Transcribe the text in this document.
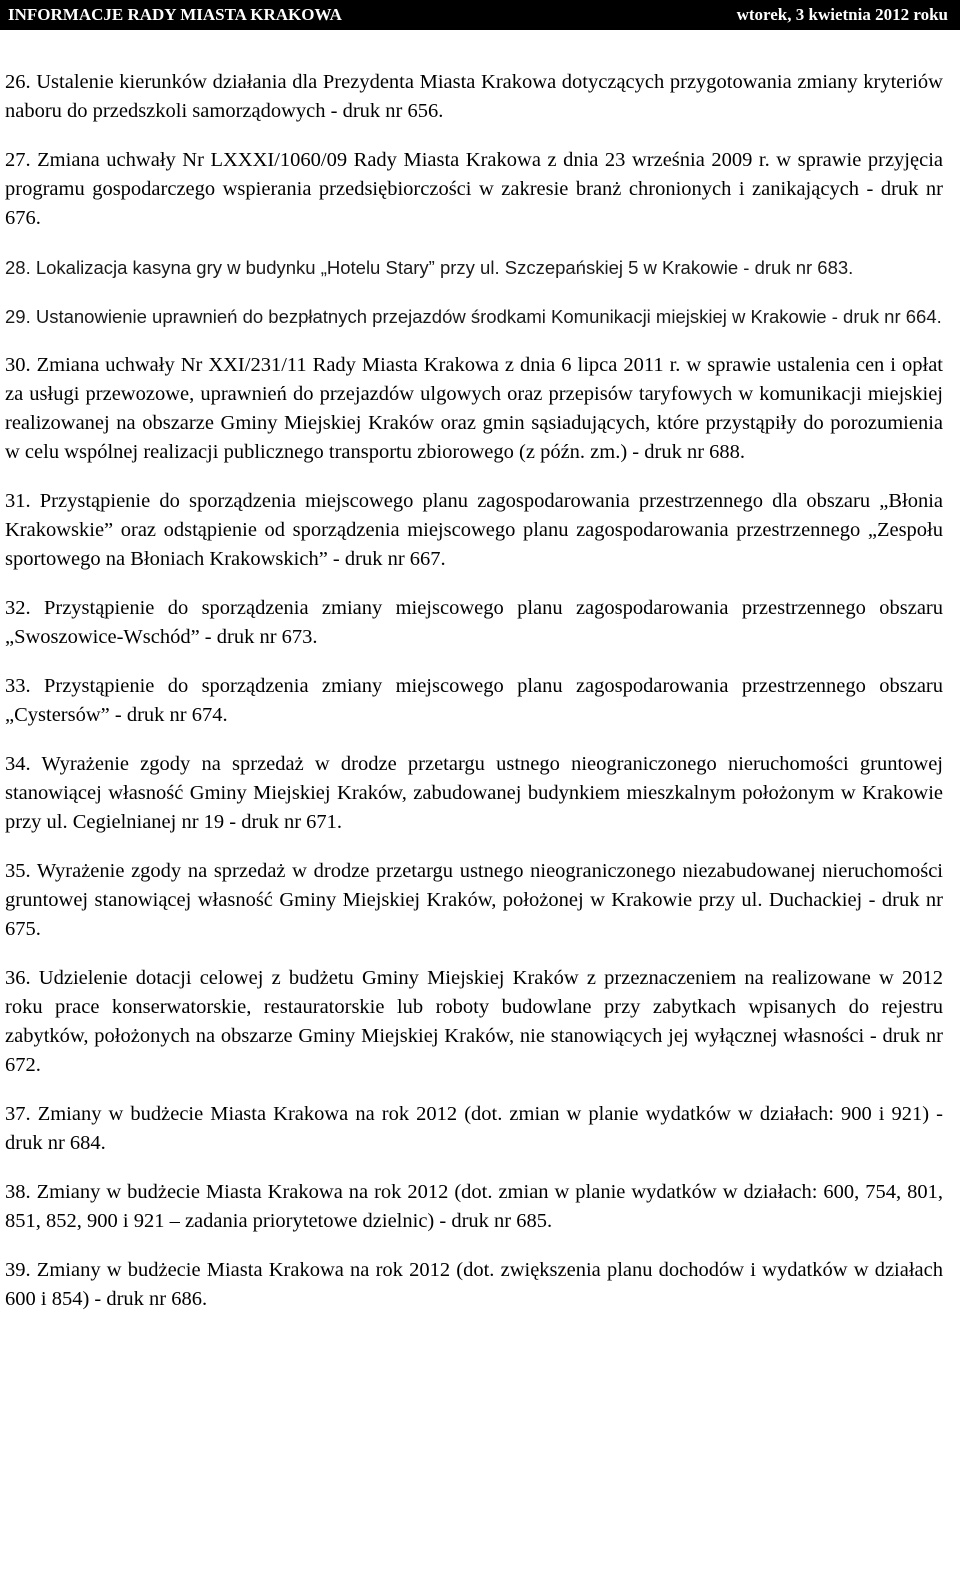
INFORMACJE RADY MIASTA KRAKOWA	wtorek, 3 kwietnia 2012 roku

26. Ustalenie kierunków działania dla Prezydenta Miasta Krakowa dotyczących przygotowania zmiany kryteriów naboru do przedszkoli samorządowych - druk nr 656.

27. Zmiana uchwały Nr LXXXI/1060/09 Rady Miasta Krakowa z dnia 23 września 2009 r. w sprawie przyjęcia programu gospodarczego wspierania przedsiębiorczości w zakresie branż chronionych i zanikających - druk nr 676.

28. Lokalizacja kasyna gry w budynku „Hotelu Stary” przy ul. Szczepańskiej 5 w Krakowie - druk nr 683.

29. Ustanowienie uprawnień do bezpłatnych przejazdów środkami Komunikacji miejskiej w Krakowie - druk nr 664.

30. Zmiana uchwały Nr XXI/231/11 Rady Miasta Krakowa z dnia 6 lipca 2011 r. w sprawie ustalenia cen i opłat za usługi przewozowe, uprawnień do przejazdów ulgowych oraz przepisów taryfowych w komunikacji miejskiej realizowanej na obszarze Gminy Miejskiej Kraków oraz gmin sąsiadujących, które przystąpiły do porozumienia w celu wspólnej realizacji publicznego transportu zbiorowego (z późn. zm.) - druk nr 688.

31. Przystąpienie do sporządzenia miejscowego planu zagospodarowania przestrzennego dla obszaru „Błonia Krakowskie” oraz odstąpienie od sporządzenia miejscowego planu zagospodarowania przestrzennego „Zespołu sportowego na Błoniach Krakowskich” - druk nr 667.

32. Przystąpienie do sporządzenia zmiany miejscowego planu zagospodarowania przestrzennego obszaru „Swoszowice-Wschód” - druk nr 673.

33. Przystąpienie do sporządzenia zmiany miejscowego planu zagospodarowania przestrzennego obszaru „Cystersów” - druk nr 674.

34. Wyrażenie zgody na sprzedaż w drodze przetargu ustnego nieograniczonego nieruchomości gruntowej stanowiącej własność Gminy Miejskiej Kraków, zabudowanej budynkiem mieszkalnym położonym w Krakowie przy ul. Cegielnianej nr 19 - druk nr 671.

35. Wyrażenie zgody na sprzedaż w drodze przetargu ustnego nieograniczonego niezabudowanej nieruchomości gruntowej stanowiącej własność Gminy Miejskiej Kraków, położonej w Krakowie przy ul. Duchackiej - druk nr 675.

36. Udzielenie dotacji celowej z budżetu Gminy Miejskiej Kraków z przeznaczeniem na realizowane w 2012 roku prace konserwatorskie, restauratorskie lub roboty budowlane przy zabytkach wpisanych do rejestru zabytków, położonych na obszarze Gminy Miejskiej Kraków, nie stanowiących jej wyłącznej własności - druk nr 672.

37. Zmiany w budżecie Miasta Krakowa na rok 2012 (dot. zmian w planie wydatków w działach: 900 i 921) - druk nr 684.

38. Zmiany w budżecie Miasta Krakowa na rok 2012 (dot. zmian w planie wydatków w działach: 600, 754, 801, 851, 852, 900 i 921 – zadania priorytetowe dzielnic) - druk nr 685.

39. Zmiany w budżecie Miasta Krakowa na rok 2012 (dot. zwiększenia planu dochodów i wydatków w działach 600 i 854) - druk nr 686.
